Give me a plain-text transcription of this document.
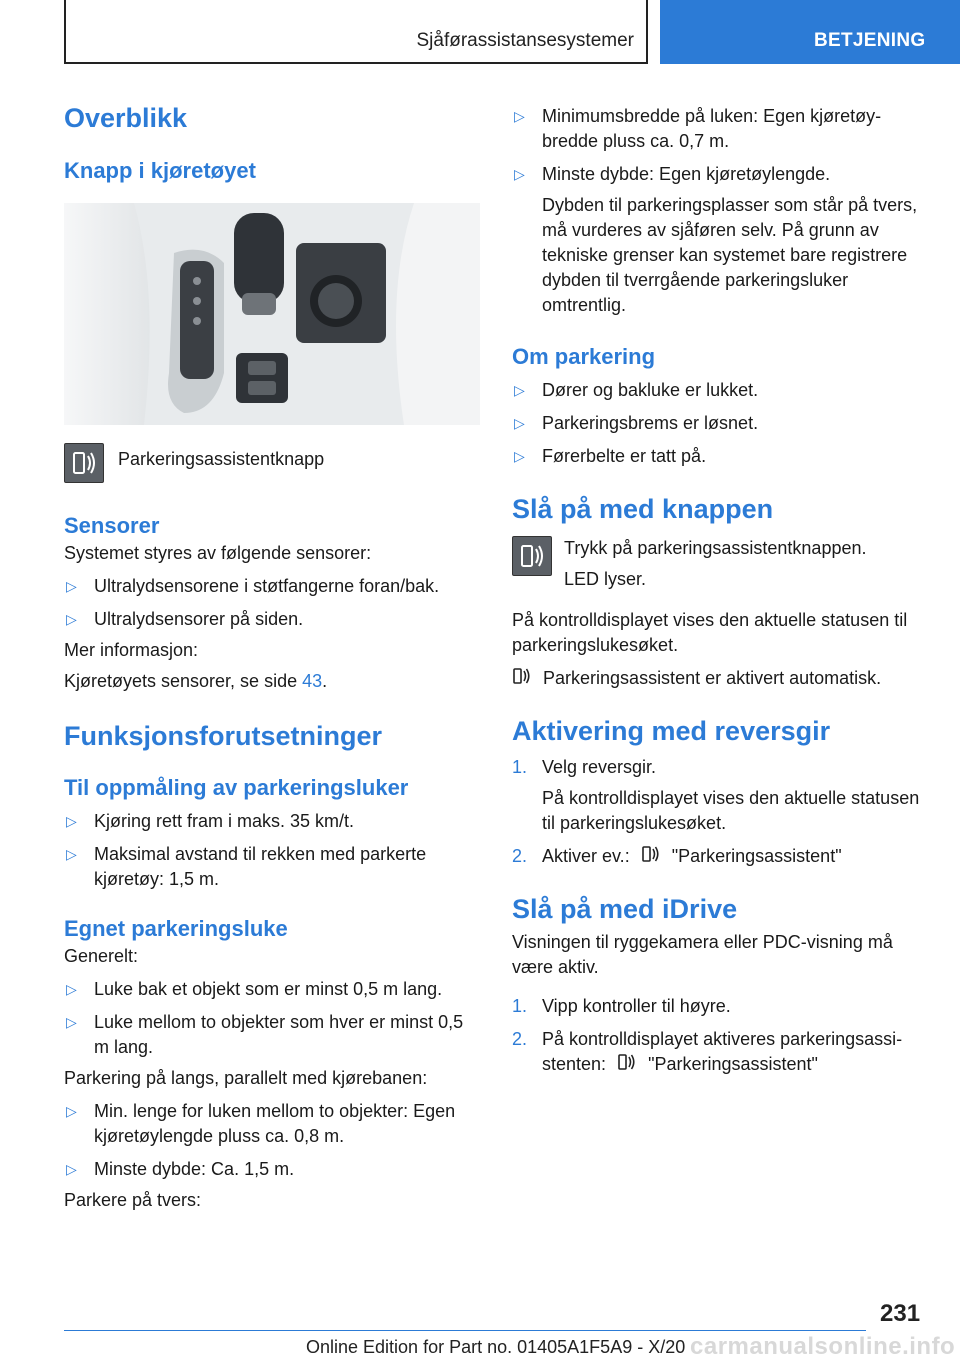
Sjåførassistansesystemer	BETJENING
Overblikk
Knapp i kjøretøyet
Parkeringsassistentknapp
Sensorer
Systemet styres av følgende sensorer:
▷ Ultralydsensorene i støtfangerne foran/bak.
▷ Ultralydsensorer på siden.
Mer informasjon:
Kjøretøyets sensorer, se side 43.
Funksjonsforutsetninger
Til oppmåling av parkeringsluker
▷ Kjøring rett fram i maks. 35 km/t.
▷ Maksimal avstand til rekken med parkerte kjøretøy: 1,5 m.
Egnet parkeringsluke
Generelt:
▷ Luke bak et objekt som er minst 0,5 m lang.
▷ Luke mellom to objekter som hver er minst 0,5 m lang.
Parkering på langs, parallelt med kjørebanen:
▷ Min. lenge for luken mellom to objekter: Egen kjøretøylengde pluss ca. 0,8 m.
▷ Minste dybde: Ca. 1,5 m.
Parkere på tvers:
▷ Minimumsbredde på luken: Egen kjøretøybredde pluss ca. 0,7 m.
▷ Minste dybde: Egen kjøretøylengde.
Dybden til parkeringsplasser som står på tvers, må vurderes av sjåføren selv. På grunn av tekniske grenser kan systemet bare registrere dybden til tverrgående parkeringsluker omtrentlig.
Om parkering
▷ Dører og bakluke er lukket.
▷ Parkeringsbrems er løsnet.
▷ Førerbelte er tatt på.
Slå på med knappen
Trykk på parkeringsassistentknappen.
LED lyser.
På kontrolldisplayet vises den aktuelle statusen til parkeringslukesøket.
Parkeringsassistent er aktivert automatisk.
Aktivering med reversgir
1. Velg reversgir.
På kontrolldisplayet vises den aktuelle statusen til parkeringslukesøket.
2. Aktiver ev.: "Parkeringsassistent"
Slå på med iDrive
Visningen til ryggekamera eller PDC-visning må være aktiv.
1. Vipp kontroller til høyre.
2. På kontrolldisplayet aktiveres parkeringsassistenten: "Parkeringsassistent"
231
Online Edition for Part no. 01405A1F5A9 - X/20 carmanualsonline.info
